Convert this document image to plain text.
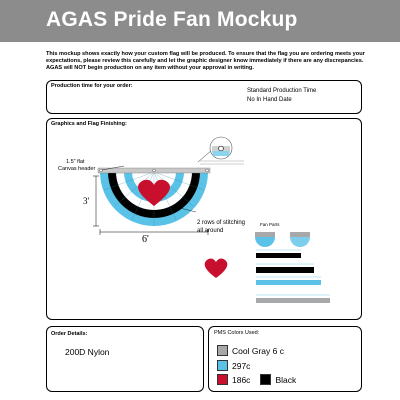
AGAS Pride Fan Mockup
This mockup shows exactly how your custom flag will be produced. To ensure that the flag you are ordering meets your expectations, please review this carefully and let the graphic designer know immediately if there are any discrepancies. AGAS will NOT begin production on any item without your approval in writing.
Production time for your order:
Standard Production Time
No In Hand Date
Graphics and Flag Finishing:
1.5" flat
Canvas header
3'
6'
2 rows of stitching
all around
Fan Parts
Order Details:
200D Nylon
PMS Colors Used:
Cool Gray 6 c
297c
186c	Black
